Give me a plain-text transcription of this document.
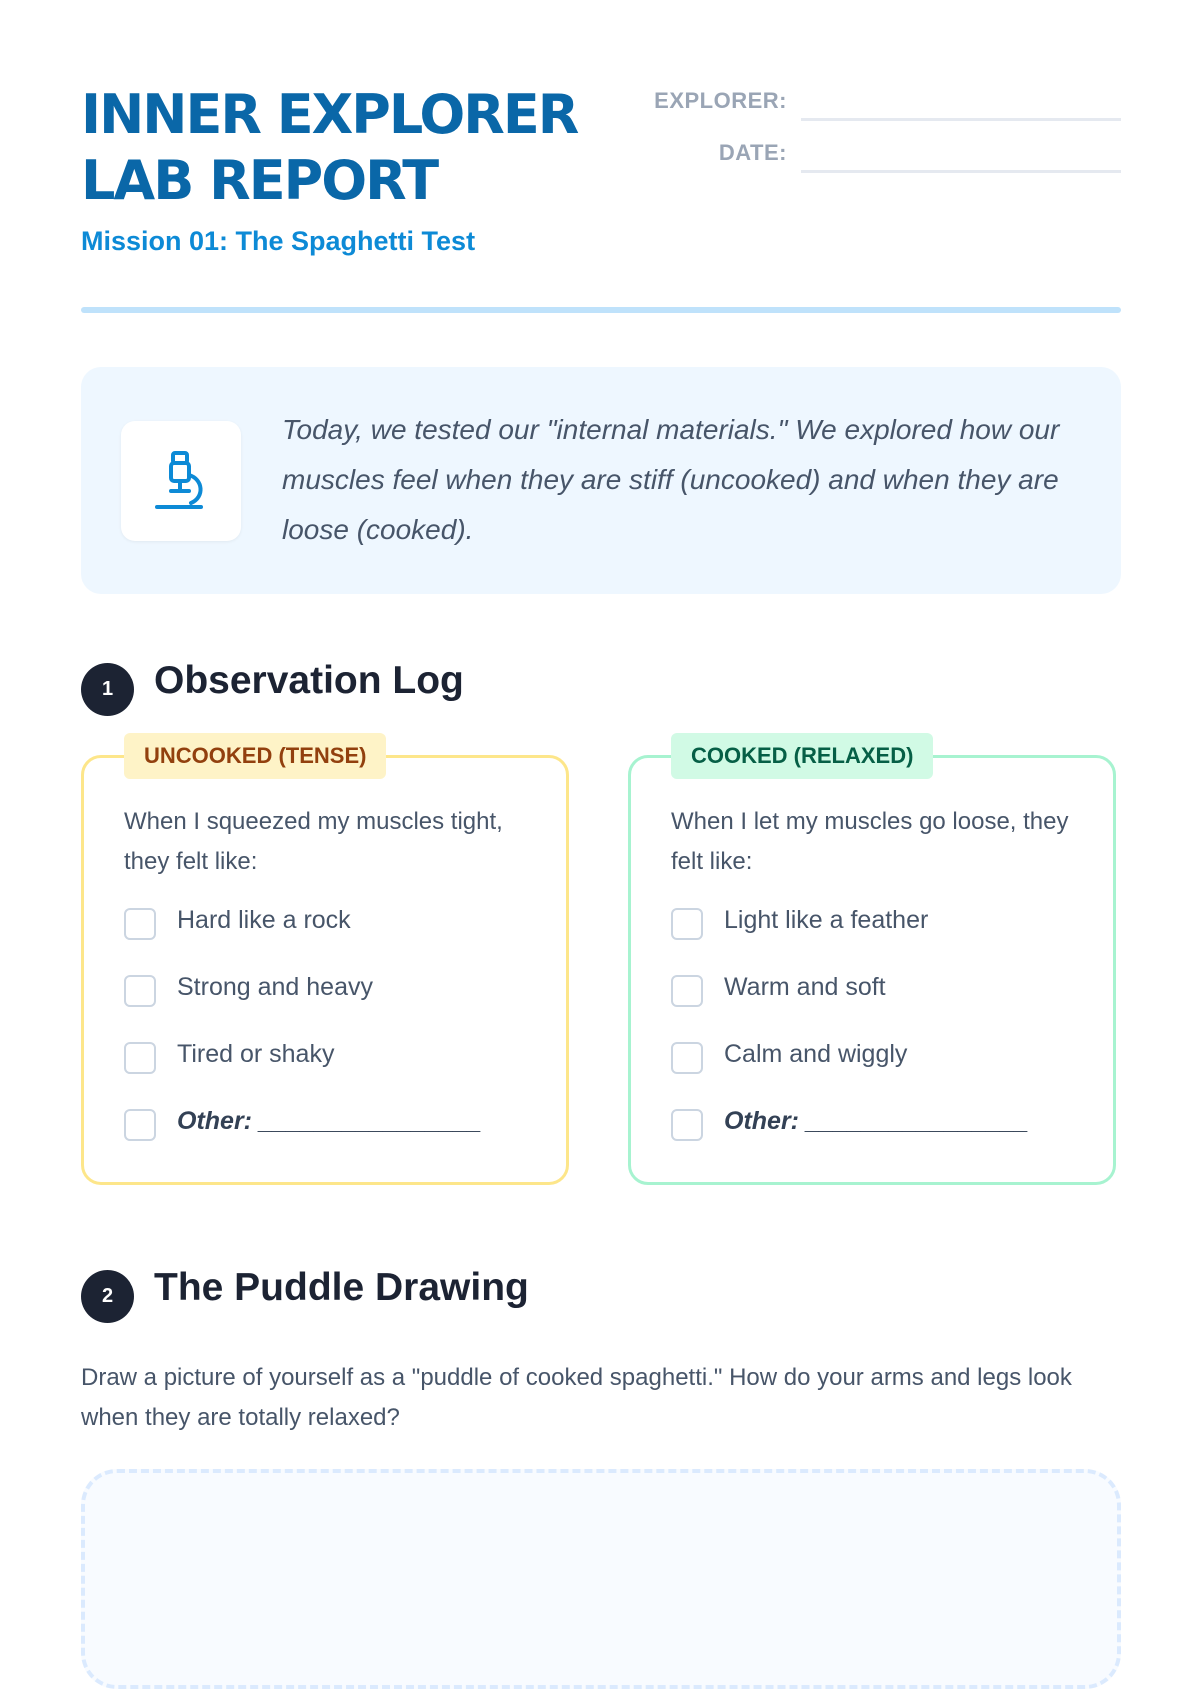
INNER EXPLORER
LAB REPORT
Mission 01: The Spaghetti Test
EXPLORER:
DATE:
Today, we tested our "internal materials." We explored how our muscles feel when they are stiff (uncooked) and when they are loose (cooked).
1	Observation Log
UNCOOKED (TENSE)
When I squeezed my muscles tight, they felt like:
Hard like a rock
Strong and heavy
Tired or shaky
Other: ________________
COOKED (RELAXED)
When I let my muscles go loose, they felt like:
Light like a feather
Warm and soft
Calm and wiggly
Other: ________________
2	The Puddle Drawing
Draw a picture of yourself as a "puddle of cooked spaghetti." How do your arms and legs look when they are totally relaxed?
